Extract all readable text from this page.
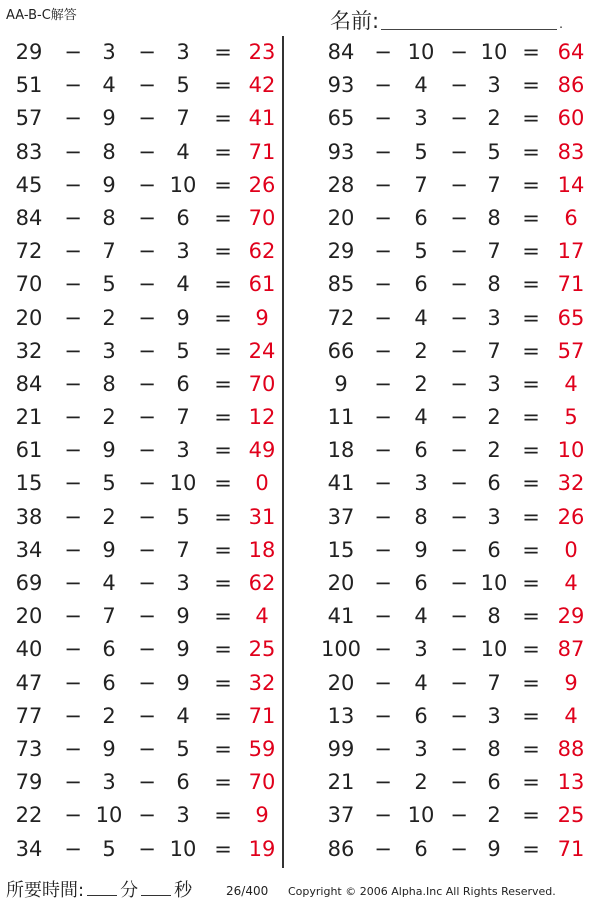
AA-B-C解答	名前:	.
29	− 3	− 3	= 23
51	− 4	− 5	= 42
57	− 9	− 7	= 41
83	− 8	− 4	= 71
45	− 9	− 10 = 26
84	− 8	− 6	= 70
72	− 7	− 3	= 62
70	− 5	− 4	= 61
20	− 2	− 9	=	9
32	− 3	− 5	= 24
84	− 8	− 6	= 70
21	− 2	− 7	= 12
61	− 9	− 3	= 49
15	− 5	− 10 =	0
38	− 2	− 5	= 31
34	− 9	− 7	= 18
69	− 4	− 3	= 62
20	− 7	− 9	=	4
40	− 6	− 9	= 25
47	− 6	− 9	= 32
77	− 2	− 4	= 71
73	− 9	− 5	= 59
79	− 3	− 6	= 70
22	− 10 − 3	=	9
34	− 5	− 10 = 19
84 − 10 − 10 = 64
93 −	4	− 3	= 86
65 −	3	− 2	= 60
93 −	5	− 5	= 83
28 −	7	− 7	= 14
20 −	6	− 8	=	6
29 −	5	− 7	= 17
85 −	6	− 8	= 71
72 −	4	− 3	= 65
66 −	2	− 7	= 57
9	−	2	− 3	=	4
11 −	4	− 2	=	5
18 −	6	− 2	= 10
41 −	3	− 6	= 32
37 −	8	− 3	= 26
15 −	9	− 6	=	0
20 −	6	− 10 =	4
41 −	4	− 8	= 29
100 −	3	− 10 = 87
20 −	4	− 7	=	9
13 −	6	− 3	=	4
99 −	3	− 8	= 88
21 −	2	− 6	= 13
37 − 10 − 2	= 25
86 −	6	− 9	= 71
所要時間: 分 秒	26/400 Copyright © 2006 Alpha.Inc All Rights Reserved.
